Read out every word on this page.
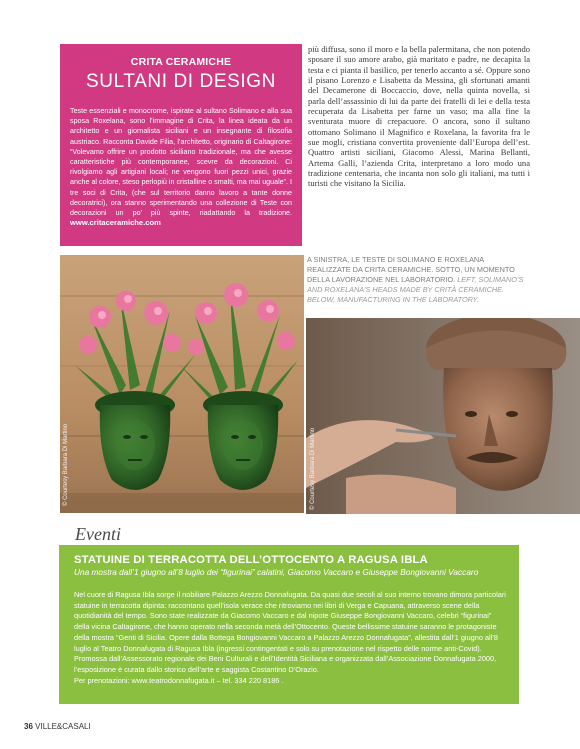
CRITA CERAMICHE
SULTANI DI DESIGN
Teste essenziali e monocrome, ispirate al sultano Solimano e alla sua sposa Roxelana, sono l’immagine di Crita, la linea ideata da un architetto e un giornalista siciliani e un insegnante di filosofia austriaco. Racconta Davide Filia, l’architetto, originario di Caltagirone: “Volevamo offrire un prodotto siciliano tradizionale, ma che avesse caratteristiche più contemporanee, scevre da decorazioni. Ci rivolgiamo agli artigiani locali; ne vengono fuori pezzi unici, grazie anche al colore, steso perlopiù in cristalline o smalti, ma mai uguale”. I tre soci di Crita, (che sul territorio danno lavoro a tante donne decoratrici), ora stanno sperimentando una collezione di Teste con decorazioni un po’ più spinte, riadattando la tradizione. www.critaceramiche.com
più diffusa, sono il moro e la bella palermitana, che non potendo sposare il suo amore arabo, già maritato e padre, ne decapita la testa e ci pianta il basilico, per tenerlo accanto a sé. Oppure sono il pisano Lorenzo e Lisabetta da Messina, gli sfortunati amanti del Decamerone di Boccaccio, dove, nella quinta novella, si parla dell’assassinio di lui da parte dei fratelli di lei e della testa recuperata da Lisabetta per farne un vaso; ma alla fine la sventurata muore di crepacuore. O ancora, sono il sultano ottomano Solimano il Magnifico e Roxelana, la favorita fra le sue mogli, cristiana convertita proveniente dall’Europa dell’est. Quattro artisti siciliani, Giacomo Alessi, Marina Bellanti, Artema Galli, l’azienda Crita, interpretano a loro modo una tradizione centenaria, che incanta non solo gli italiani, ma tutti i turisti che visitano la Sicilia.
A SINISTRA, LE TESTE DI SOLIMANO E ROXELANA REALIZZATE DA CRITA CERAMICHE. SOTTO, UN MOMENTO DELLA LAVORAZIONE NEL LABORATORIO. LEFT, SOLIMANO’S AND ROXELANA’S HEADS MADE BY CRITÀ CERAMICHE. BELOW, MANUFACTURING IN THE LABORATORY.
© Courtesy Barbara Di Martino	© Courtesy Barbara Di Martino
Eventi
STATUINE DI TERRACOTTA DELL’OTTOCENTO A RAGUSA IBLA
Una mostra dall’1 giugno all’8 luglio dei “figurinai” calatini, Giacomo Vaccaro e Giuseppe Bongiovanni Vaccaro
Nel cuore di Ragusa Ibla sorge il nobiliare Palazzo Arezzo Donnafugata. Da quasi due secoli al suo interno trovano dimora particolari statuine in terracotta dipinta: raccontano quell’isola verace che ritroviamo nei libri di Verga e Capuana, attraverso scene della quotidianità del tempo. Sono state realizzate da Giacomo Vaccaro e dal nipote Giuseppe Bongiovanni Vaccaro, celebri “figurinai” della vicina Caltagirone, che hanno operato nella seconda metà dell’Ottocento. Queste bellissime statuine saranno le protagoniste della mostra “Genti di Sicilia. Opere dalla Bottega Bongiovanni Vaccaro a Palazzo Arezzo Donnafugata”, allestita dall’1 giugno all’8 luglio al Teatro Donnafugata di Ragusa Ibla (ingressi contingentati e solo su prenotazione nel rispetto delle norme anti-Covid). Promossa dall’Assessorato regionale dei Beni Culturali e dell’Identità Siciliana e organizzata dall’Associazione Donnafugata 2000, l’esposizione è curata dallo storico dell’arte e saggista Costantino D’Orazio.
Per prenotazioni: www.teatrodonnafugata.it – tel. 334 220 8186 .
36 VILLE&CASALI
